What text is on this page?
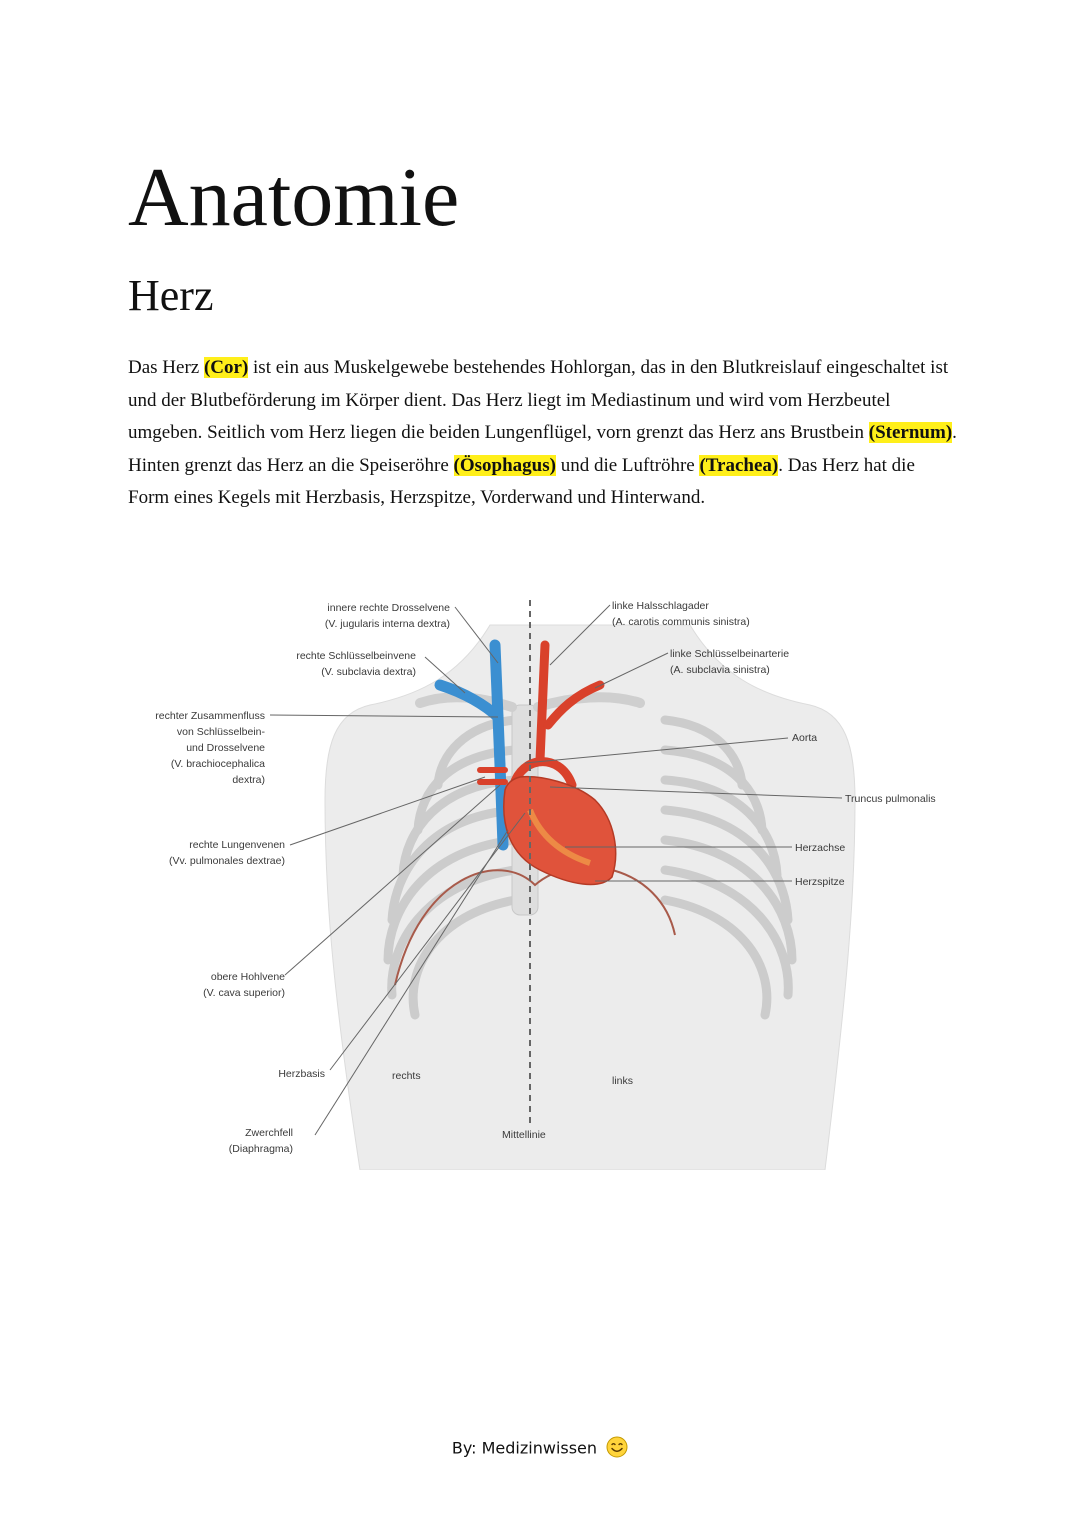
Anatomie
Herz

Das Herz (Cor) ist ein aus Muskelgewebe bestehendes Hohlorgan, das in den Blutkreislauf eingeschaltet ist und der Blutbeförderung im Körper dient. Das Herz liegt im Mediastinum und wird vom Herzbeutel umgeben. Seitlich vom Herz liegen die beiden Lungenflügel, vorn grenzt das Herz ans Brustbein (Sternum). Hinten grenzt das Herz an die Speiseröhre (Ösophagus) und die Luftröhre (Trachea). Das Herz hat die Form eines Kegels mit Herzbasis, Herzspitze, Vorderwand und Hinterwand.

innere rechte Drosselvene
(V. jugularis interna dextra)
rechte Schlüsselbeinvene
(V. subclavia dextra)
rechter Zusammenfluss
von Schlüsselbein-
und Drosselvene
(V. brachiocephalica
dextra)
rechte Lungenvenen
(Vv. pulmonales dextrae)
obere Hohlvene
(V. cava superior)
Herzbasis
Zwerchfell
(Diaphragma)
rechts	links
Mittellinie
linke Halsschlagader
(A. carotis communis sinistra)
linke Schlüsselbeinarterie
(A. subclavia sinistra)
Aorta
Truncus pulmonalis
Herzachse
Herzspitze
By: Medizinwissen
